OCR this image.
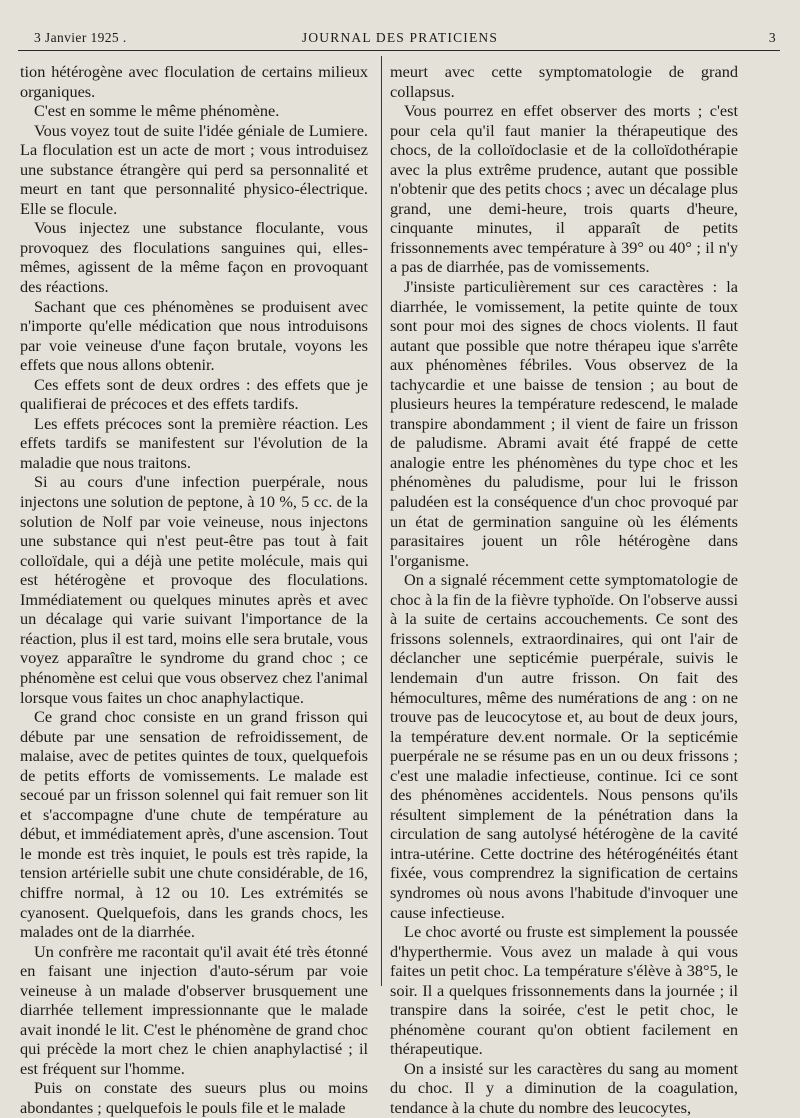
3 Janvier 1925 .	JOURNAL DES PRATICIENS	3

tion hétérogène avec floculation de certains milieux organiques.

C'est en somme le même phénomène.

Vous voyez tout de suite l'idée géniale de Lumiere. La floculation est un acte de mort ; vous introduisez une substance étrangère qui perd sa personnalité et meurt en tant que personnalité physico-électrique. Elle se flocule.

Vous injectez une substance floculante, vous provoquez des floculations sanguines qui, elles-mêmes, agissent de la même façon en provoquant des réactions.

Sachant que ces phénomènes se produisent avec n'importe qu'elle médication que nous introduisons par voie veineuse d'une façon brutale, voyons les effets que nous allons obtenir.

Ces effets sont de deux ordres : des effets que je qualifierai de précoces et des effets tardifs.

Les effets précoces sont la première réaction. Les effets tardifs se manifestent sur l'évolution de la maladie que nous traitons.

Si au cours d'une infection puerpérale, nous injectons une solution de peptone, à 10 %, 5 cc. de la solution de Nolf par voie veineuse, nous injectons une substance qui n'est peut-être pas tout à fait colloïdale, qui a déjà une petite molécule, mais qui est hétérogène et provoque des floculations. Immédiatement ou quelques minutes après et avec un décalage qui varie suivant l'importance de la réaction, plus il est tard, moins elle sera brutale, vous voyez apparaître le syndrome du grand choc ; ce phénomène est celui que vous observez chez l'animal lorsque vous faites un choc anaphylactique.

Ce grand choc consiste en un grand frisson qui débute par une sensation de refroidissement, de malaise, avec de petites quintes de toux, quelquefois de petits efforts de vomissements. Le malade est secoué par un frisson solennel qui fait remuer son lit et s'accompagne d'une chute de température au début, et immédiatement après, d'une ascension. Tout le monde est très inquiet, le pouls est très rapide, la tension artérielle subit une chute considérable, de 16, chiffre normal, à 12 ou 10. Les extrémités se cyanosent. Quelquefois, dans les grands chocs, les malades ont de la diarrhée.

Un confrère me racontait qu'il avait été très étonné en faisant une injection d'auto-sérum par voie veineuse à un malade d'observer brusquement une diarrhée tellement impressionnante que le malade avait inondé le lit. C'est le phénomène de grand choc qui précède la mort chez le chien anaphylactisé ; il est fréquent sur l'homme.

Puis on constate des sueurs plus ou moins abondantes ; quelquefois le pouls file et le malade

meurt avec cette symptomatologie de grand collapsus.

Vous pourrez en effet observer des morts ; c'est pour cela qu'il faut manier la thérapeutique des chocs, de la colloïdoclasie et de la colloïdothérapie avec la plus extrême prudence, autant que possible n'obtenir que des petits chocs ; avec un décalage plus grand, une demi-heure, trois quarts d'heure, cinquante minutes, il apparaît de petits frissonnements avec température à 39° ou 40° ; il n'y a pas de diarrhée, pas de vomissements.

J'insiste particulièrement sur ces caractères : la diarrhée, le vomissement, la petite quinte de toux sont pour moi des signes de chocs violents. Il faut autant que possible que notre thérapeu ique s'arrête aux phénomènes fébriles. Vous observez de la tachycardie et une baisse de tension ; au bout de plusieurs heures la température redescend, le malade transpire abondamment ; il vient de faire un frisson de paludisme. Abrami avait été frappé de cette analogie entre les phénomènes du type choc et les phénomènes du paludisme, pour lui le frisson paludéen est la conséquence d'un choc provoqué par un état de germination sanguine où les éléments parasitaires jouent un rôle hétérogène dans l'organisme.

On a signalé récemment cette symptomatologie de choc à la fin de la fièvre typhoïde. On l'observe aussi à la suite de certains accouchements. Ce sont des frissons solennels, extraordinaires, qui ont l'air de déclancher une septicémie puerpérale, suivis le lendemain d'un autre frisson. On fait des hémocultures, même des numérations de ang : on ne trouve pas de leucocytose et, au bout de deux jours, la température dev.ent normale. Or la septicémie puerpérale ne se résume pas en un ou deux frissons ; c'est une maladie infectieuse, continue. Ici ce sont des phénomènes accidentels. Nous pensons qu'ils résultent simplement de la pénétration dans la circulation de sang autolysé hétérogène de la cavité intra-utérine. Cette doctrine des hétérogénéités étant fixée, vous comprendrez la signification de certains syndromes où nous avons l'habitude d'invoquer une cause infectieuse.

Le choc avorté ou fruste est simplement la poussée d'hyperthermie. Vous avez un malade à qui vous faites un petit choc. La température s'élève à 38°5, le soir. Il a quelques frissonnements dans la journée ; il transpire dans la soirée, c'est le petit choc, le phénomène courant qu'on obtient facilement en thérapeutique.

On a insisté sur les caractères du sang au moment du choc. Il y a diminution de la coagulation, tendance à la chute du nombre des leucocytes,
